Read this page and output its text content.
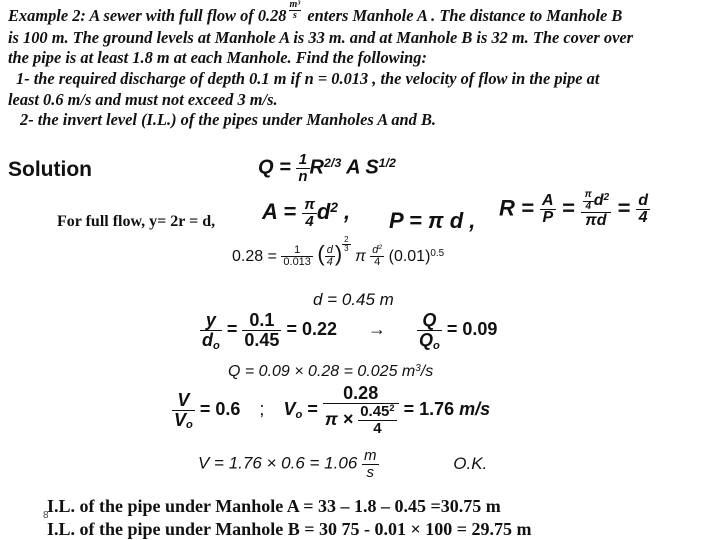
Example 2: A sewer with full flow of $0.28 \frac{\text{m³}}{s}$ enters Manhole A . The distance to Manhole B
is 100 m. The ground levels at Manhole A is 33 m. and at Manhole B is 32 m. The cover over
the pipe is at least 1.8 m at each Manhole. Find the following:
1- the required discharge of depth 0.1 m if n = 0.013 , the velocity of flow in the pipe at
least 0.6 m/s and must not exceed 3 m/s.
2- the invert level (I.L.) of the pipes under Manholes A and B.
Solution	$Q = \frac{1}{n} R^{2/3}$ A $S^{1/2}$
For full flow, y= 2r = d, $A = \frac{\pi}{4} d^2$ , P = π d , $R = \frac{A}{P} = \frac{\frac{\pi}{4} d^2}{\pi d} = \frac{d}{4}$
$0.28 = \frac{1}{0.013}$ ( $\frac{d}{4}$ ) $\frac{2}{3}$
π $\frac{d^2}{4} (0.01)^{0.5}$
d = 0.45 m
$\frac{y}{do} = \frac{0.1}{0.45} = 0.22 \to \frac{Q}{Qo} = 0.09$
Q = 0.09 × 0.28 = 0.025 $m^3/s$
$\frac{V}{Vo} = 0.6$ ; $Vo = \frac{0.28}{\pi \times \frac{0.45^2}{4}} = 1.76$ m/s
$V = 1.76 \times 0.6 = 1.06 \frac{m}{s}$	O.K.
I.L. of the pipe under Manhole A = 33 – 1.8 – 0.45 =30.75 m
8
I.L. of the pipe under Manhole B = 30 75 - 0.01 × 100 = 29.75 m
